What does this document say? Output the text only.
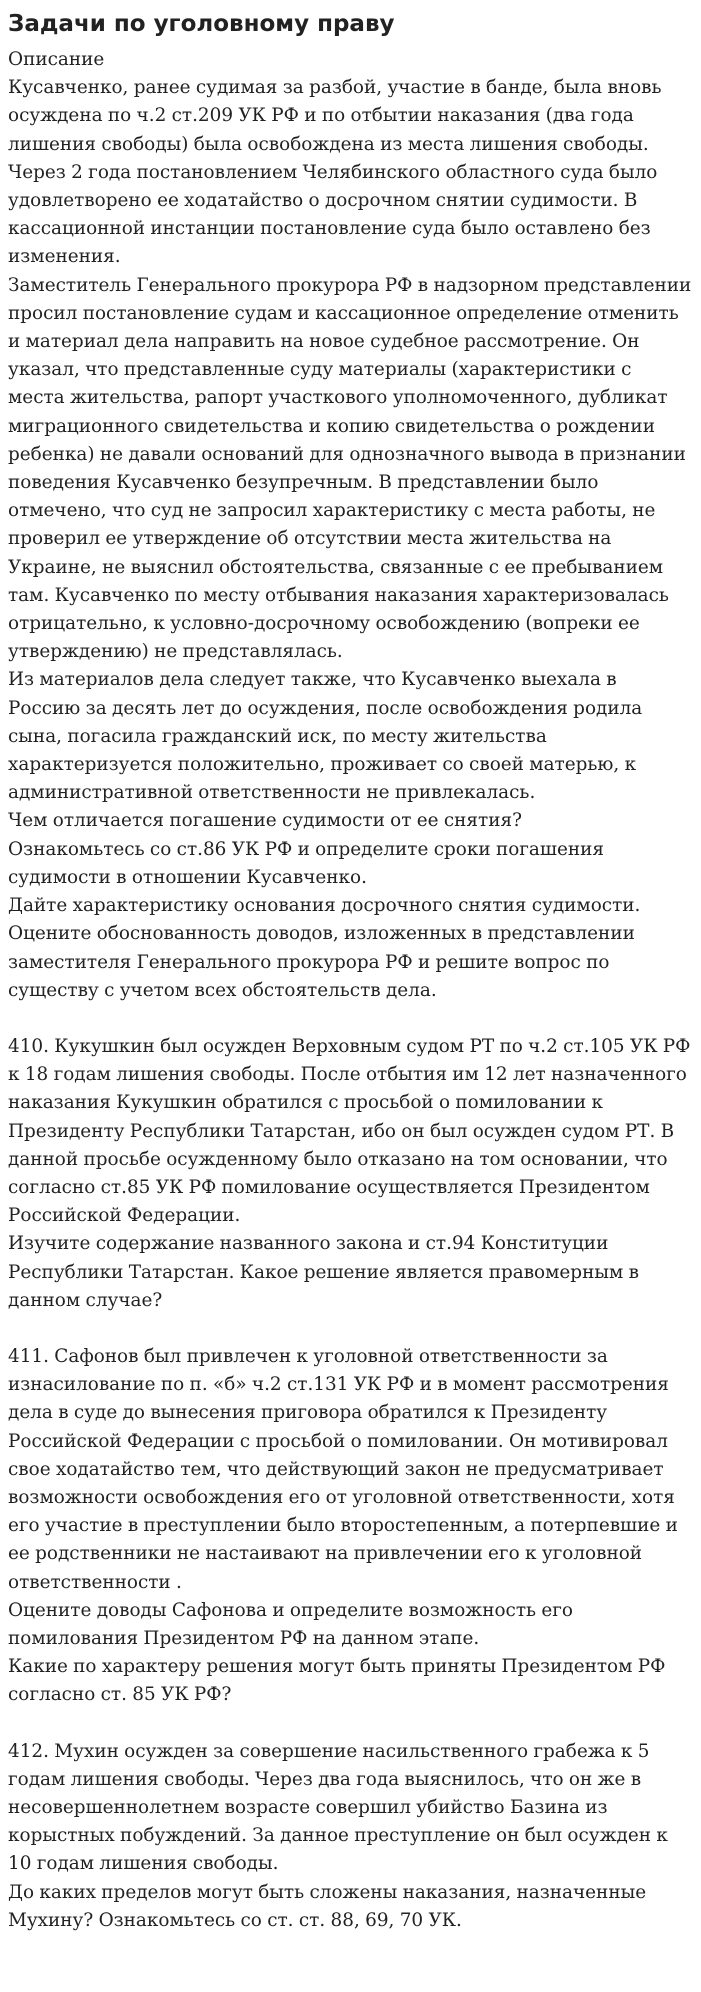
Задачи по уголовному праву

Описание

Кусавченко, ранее судимая за разбой, участие в банде, была вновь осуждена по ч.2 ст.209 УК РФ и по отбытии наказания (два года лишения свободы) была освобождена из места лишения свободы. Через 2 года постановлением Челябинского областного суда было удовлетворено ее ходатайство о досрочном снятии судимости. В кассационной инстанции постановление суда было оставлено без изменения.

Заместитель Генерального прокурора РФ в надзорном представлении просил постановление судам и кассационное определение отменить и материал дела направить на новое судебное рассмотрение. Он указал, что представленные суду материалы (характеристики с места жительства, рапорт участкового уполномоченного, дубликат миграционного свидетельства и копию свидетельства о рождении ребенка) не давали оснований для однозначного вывода в признании поведения Кусавченко безупречным. В представлении было отмечено, что суд не запросил характеристику с места работы, не проверил ее утверждение об отсутствии места жительства на Украине, не выяснил обстоятельства, связанные с ее пребыванием там. Кусавченко по месту отбывания наказания характеризовалась отрицательно, к условно-досрочному освобождению (вопреки ее утверждению) не представлялась.

Из материалов дела следует также, что Кусавченко выехала в Россию за десять лет до осуждения, после освобождения родила сына, погасила гражданский иск, по месту жительства характеризуется положительно, проживает со своей матерью, к административной ответственности не привлекалась.

Чем отличается погашение судимости от ее снятия?

Ознакомьтесь со ст.86 УК РФ и определите сроки погашения судимости в отношении Кусавченко.

Дайте характеристику основания досрочного снятия судимости.

Оцените обоснованность доводов, изложенных в представлении заместителя Генерального прокурора РФ и решите вопрос по существу с учетом всех обстоятельств дела.

410. Кукушкин был осужден Верховным судом РТ по ч.2 ст.105 УК РФ к 18 годам лишения свободы. После отбытия им 12 лет назначенного наказания Кукушкин обратился с просьбой о помиловании к Президенту Республики Татарстан, ибо он был осужден судом РТ. В данной просьбе осужденному было отказано на том основании, что согласно ст.85 УК РФ помилование осуществляется Президентом Российской Федерации.

Изучите содержание названного закона и ст.94 Конституции Республики Татарстан. Какое решение является правомерным в данном случае?

411. Сафонов был привлечен к уголовной ответственности за изнасилование по п. «б» ч.2 ст.131 УК РФ и в момент рассмотрения дела в суде до вынесения приговора обратился к Президенту Российской Федерации с просьбой о помиловании. Он мотивировал свое ходатайство тем, что действующий закон не предусматривает возможности освобождения его от уголовной ответственности, хотя его участие в преступлении было второстепенным, а потерпевшие и ее родственники не настаивают на привлечении его к уголовной ответственности .

Оцените доводы Сафонова и определите возможность его помилования Президентом РФ на данном этапе.

Какие по характеру решения могут быть приняты Президентом РФ согласно ст. 85 УК РФ?

412. Мухин осужден за совершение насильственного грабежа к 5 годам лишения свободы. Через два года выяснилось, что он же в несовершеннолетнем возрасте совершил убийство Базина из корыстных побуждений. За данное преступление он был осужден к 10 годам лишения свободы.

До каких пределов могут быть сложены наказания, назначенные Мухину? Ознакомьтесь со ст. ст. 88, 69, 70 УК.
